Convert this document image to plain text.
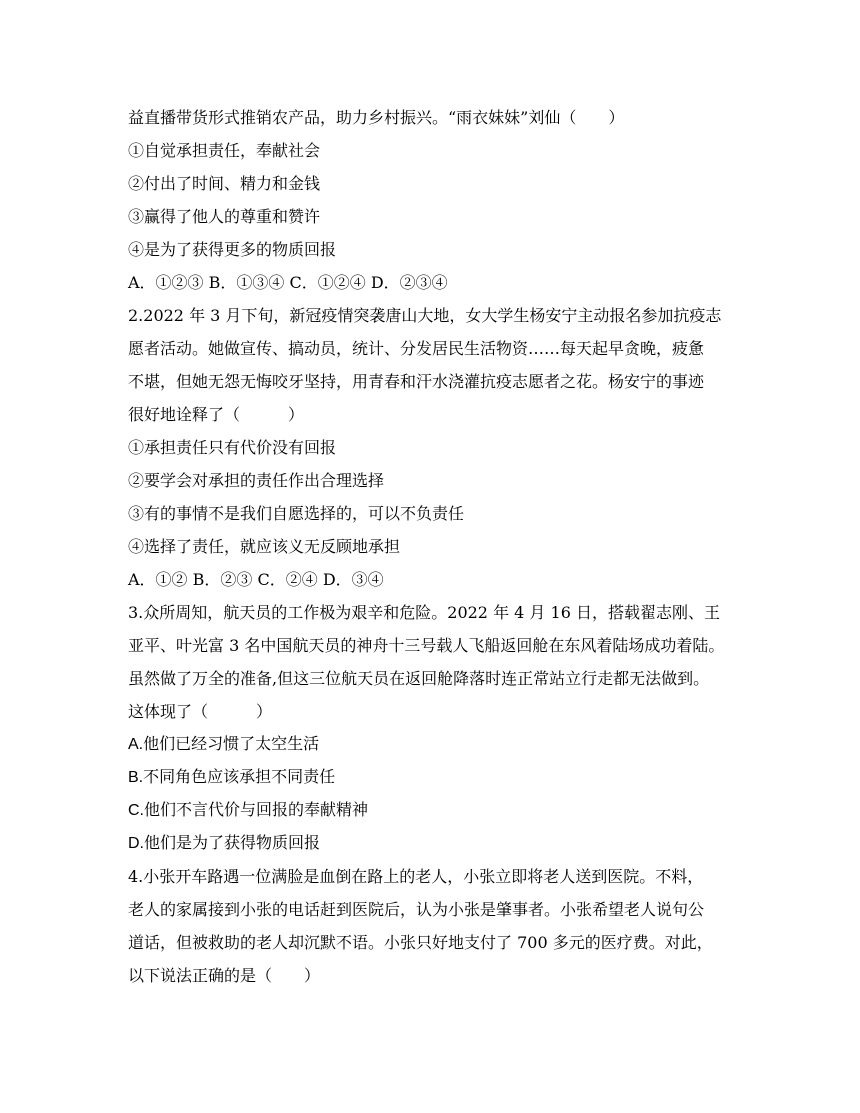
益直播带货形式推销农产品，助力乡村振兴。“雨衣妹妹”刘仙（　　）
①自觉承担责任，奉献社会
②付出了时间、精力和金钱
③赢得了他人的尊重和赞许
④是为了获得更多的物质回报
A．①②③ B．①③④ C．①②④ D．②③④
2.2022 年 3 月下旬，新冠疫情突袭唐山大地，女大学生杨安宁主动报名参加抗疫志
愿者活动。她做宣传、搞动员，统计、分发居民生活物资……每天起早贪晚，疲惫
不堪，但她无怨无悔咬牙坚持，用青春和汗水浇灌抗疫志愿者之花。杨安宁的事迹
很好地诠释了（　　　）
①承担责任只有代价没有回报
②要学会对承担的责任作出合理选择
③有的事情不是我们自愿选择的，可以不负责任
④选择了责任，就应该义无反顾地承担
A．①② B．②③ C．②④ D．③④
3.众所周知，航天员的工作极为艰辛和危险。2022 年 4 月 16 日，搭载翟志刚、王
亚平、叶光富 3 名中国航天员的神舟十三号载人飞船返回舱在东风着陆场成功着陆。
虽然做了万全的准备,但这三位航天员在返回舱降落时连正常站立行走都无法做到。
这体现了（　　　）
A.他们已经习惯了太空生活
B.不同角色应该承担不同责任
C.他们不言代价与回报的奉献精神
D.他们是为了获得物质回报
4.小张开车路遇一位满脸是血倒在路上的老人，小张立即将老人送到医院。不料，
老人的家属接到小张的电话赶到医院后，认为小张是肇事者。小张希望老人说句公
道话，但被救助的老人却沉默不语。小张只好地支付了 700 多元的医疗费。对此，
以下说法正确的是（　　）
